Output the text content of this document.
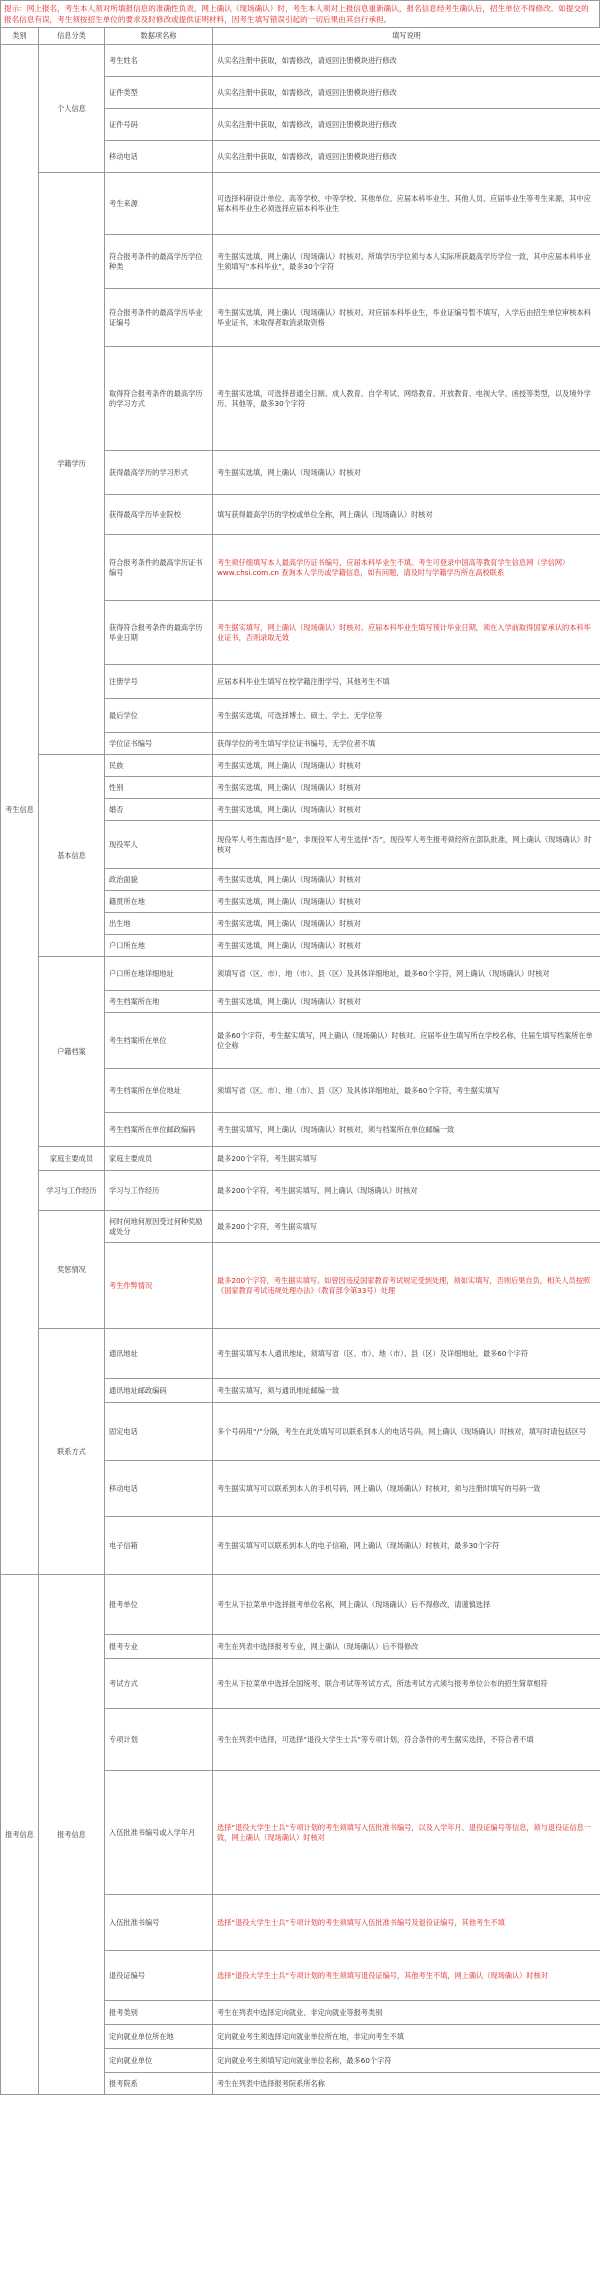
提示：网上报名，考生本人须对所填报信息的准确性负责，网上确认（现场确认）时，考生本人须对上报信息重新确认，报名信息经考生确认后，招生单位不得修改。如提交的报名信息有误，考生须按招生单位的要求及时修改或提供证明材料，因考生填写错误引起的一切后果由其自行承担。
类别	信息分类	数据项名称	填写说明
考生信息	个人信息	考生姓名	从实名注册中获取，如需修改，请返回注册模块进行修改
		证件类型	从实名注册中获取，如需修改，请返回注册模块进行修改
		证件号码	从实名注册中获取，如需修改，请返回注册模块进行修改
		移动电话	从实名注册中获取，如需修改，请返回注册模块进行修改
	学籍学历	考生来源	可选择科研设计单位、高等学校、中等学校、其他单位、应届本科毕业生、其他人员、应届毕业生等考生来源，其中应届本科毕业生必须选择应届本科毕业生
		符合报考条件的最高学历学位种类	考生据实选填，网上确认（现场确认）时核对。所填学历学位须与本人实际所获最高学历学位一致，其中应届本科毕业生须填写“本科毕业”，最多30个字符
		符合报考条件的最高学历毕业证编号	考生据实选填，网上确认（现场确认）时核对。对应届本科毕业生，毕业证编号暂不填写，入学后由招生单位审核本科毕业证书，未取得者取消录取资格
		取得符合报考条件的最高学历的学习方式	考生据实选填，可选择普通全日制、成人教育、自学考试、网络教育、开放教育、电视大学、函授等类型，以及境外学历、其他等，最多30个字符
		获得最高学历的学习形式	考生据实选填，网上确认（现场确认）时核对
		获得最高学历毕业院校	填写获得最高学历的学校或单位全称，网上确认（现场确认）时核对
		符合报考条件的最高学历证书编号	考生须仔细填写本人最高学历证书编号，应届本科毕业生不填。考生可登录中国高等教育学生信息网（学信网）www.chsi.com.cn 查询本人学历或学籍信息，如有问题，请及时与学籍学历所在高校联系
		获得符合报考条件的最高学历毕业日期	考生据实填写，网上确认（现场确认）时核对。应届本科毕业生填写预计毕业日期，须在入学前取得国家承认的本科毕业证书，否则录取无效
		注册学号	应届本科毕业生填写在校学籍注册学号，其他考生不填
		最后学位	考生据实选填，可选择博士、硕士、学士、无学位等
		学位证书编号	获得学位的考生填写学位证书编号，无学位者不填
	基本信息	民族	考生据实选填，网上确认（现场确认）时核对
		性别	考生据实选填，网上确认（现场确认）时核对
		婚否	考生据实选填，网上确认（现场确认）时核对
		现役军人	现役军人考生需选择“是”，非现役军人考生选择“否”，现役军人考生报考须经所在部队批准，网上确认（现场确认）时核对
		政治面貌	考生据实选填，网上确认（现场确认）时核对
		籍贯所在地	考生据实选填，网上确认（现场确认）时核对
		出生地	考生据实选填，网上确认（现场确认）时核对
		户口所在地	考生据实选填，网上确认（现场确认）时核对
	户籍档案	户口所在地详细地址	须填写省（区、市）、地（市）、县（区）及具体详细地址，最多60个字符，网上确认（现场确认）时核对
		考生档案所在地	考生据实选填，网上确认（现场确认）时核对
		考生档案所在单位	最多60个字符，考生据实填写，网上确认（现场确认）时核对。应届毕业生填写所在学校名称，往届生填写档案所在单位全称
		考生档案所在单位地址	须填写省（区、市）、地（市）、县（区）及具体详细地址，最多60个字符，考生据实填写
		考生档案所在单位邮政编码	考生据实填写，网上确认（现场确认）时核对，须与档案所在单位邮编一致
	家庭主要成员	家庭主要成员	最多200个字符，考生据实填写
	学习与工作经历	学习与工作经历	最多200个字符，考生据实填写，网上确认（现场确认）时核对
	奖惩情况	何时何地何原因受过何种奖励或处分	最多200个字符，考生据实填写
		考生作弊情况	最多200个字符，考生据实填写。如曾因违反国家教育考试规定受到处理，须如实填写，否则后果自负，相关人员按照《国家教育考试违规处理办法》（教育部令第33号）处理
	联系方式	通讯地址	考生据实填写本人通讯地址，须填写省（区、市）、地（市）、县（区）及详细地址，最多60个字符
		通讯地址邮政编码	考生据实填写，须与通讯地址邮编一致
		固定电话	多个号码用“/”分隔，考生在此处填写可以联系到本人的电话号码，网上确认（现场确认）时核对，填写时请包括区号
		移动电话	考生据实填写可以联系到本人的手机号码，网上确认（现场确认）时核对，须与注册时填写的号码一致
		电子信箱	考生据实填写可以联系到本人的电子信箱，网上确认（现场确认）时核对，最多30个字符
报考信息	报考信息	报考单位	考生从下拉菜单中选择报考单位名称，网上确认（现场确认）后不得修改，请谨慎选择
		报考专业	考生在列表中选择报考专业，网上确认（现场确认）后不得修改
		考试方式	考生从下拉菜单中选择全国统考、联合考试等考试方式，所选考试方式须与报考单位公布的招生简章相符
		专项计划	考生在列表中选择，可选择“退役大学生士兵”等专项计划，符合条件的考生据实选择，不符合者不填
		入伍批准书编号或入学年月	选择“退役大学生士兵”专项计划的考生须填写入伍批准书编号，以及入学年月、退役证编号等信息，须与退役证信息一致，网上确认（现场确认）时核对
		入伍批准书编号	选择“退役大学生士兵”专项计划的考生须填写入伍批准书编号及退役证编号，其他考生不填
		退役证编号	选择“退役大学生士兵”专项计划的考生须填写退役证编号，其他考生不填，网上确认（现场确认）时核对
		报考类别	考生在列表中选择定向就业、非定向就业等报考类别
		定向就业单位所在地	定向就业考生须选择定向就业单位所在地，非定向考生不填
		定向就业单位	定向就业考生须填写定向就业单位名称，最多60个字符
		报考院系	考生在列表中选择报考院系所名称
